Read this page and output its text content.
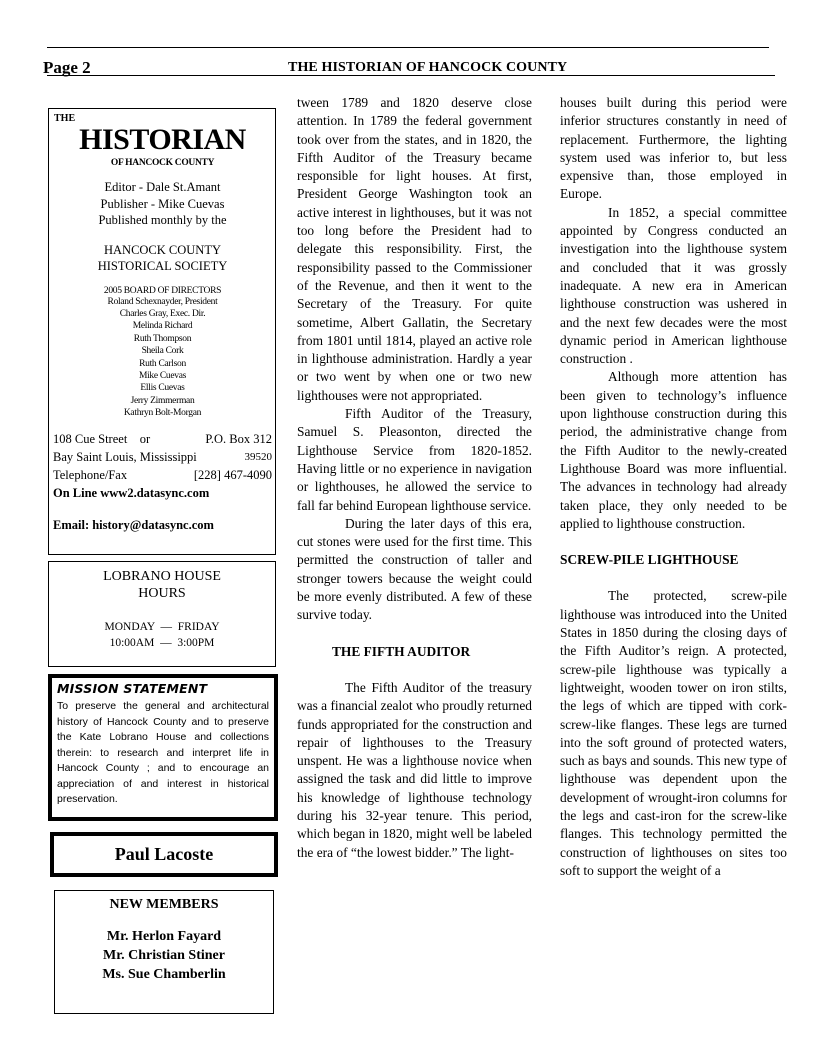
Page 2	THE HISTORIAN OF HANCOCK COUNTY
THE
HISTORIAN
OF HANCOCK COUNTY
Editor - Dale St.Amant
Publisher - Mike Cuevas
Published monthly by the
HANCOCK COUNTY
HISTORICAL SOCIETY
2005 BOARD OF DIRECTORS
Roland Schexnayder, President
Charles Gray, Exec. Dir.
Melinda Richard
Ruth Thompson
Sheila Cork
Ruth Carlson
Mike Cuevas
Ellis Cuevas
Jerry Zimmerman
Kathryn Bolt-Morgan
108 Cue Street    or	P.O. Box 312
Bay Saint Louis, Mississippi	39520
Telephone/Fax	[228] 467-4090
On Line www2.datasync.com
Email: history@datasync.com
LOBRANO HOUSE
HOURS
MONDAY  —  FRIDAY
10:00AM  —  3:00PM
MISSION STATEMENT
To preserve the general and architectural history of Hancock County and to preserve the Kate Lobrano House and collections therein: to research and interpret life in Hancock County ; and to encourage an appreciation of and interest in historical preservation.
Paul Lacoste
NEW MEMBERS
Mr. Herlon Fayard
Mr. Christian Stiner
Ms. Sue Chamberlin

tween 1789 and 1820 deserve close attention. In 1789 the federal government took over from the states, and in 1820, the Fifth Auditor of the Treasury became responsible for light houses. At first, President George Washington took an active interest in lighthouses, but it was not too long before the President had to delegate this responsibility. First, the responsibility passed to the Commissioner of the Revenue, and then it went to the Secretary of the Treasury. For quite sometime, Albert Gallatin, the Secretary from 1801 until 1814, played an active role in lighthouse administration. Hardly a year or two went by when one or two new lighthouses were not appropriated.

Fifth Auditor of the Treasury, Samuel S. Pleasonton, directed the Lighthouse Service from 1820-1852. Having little or no experience in navigation or lighthouses, he allowed the service to fall far behind European lighthouse service.

During the later days of this era, cut stones were used for the first time. This permitted the construction of taller and stronger towers because the weight could be more evenly distributed. A few of these survive today.

THE FIFTH AUDITOR

The Fifth Auditor of the treasury was a financial zealot who proudly returned funds appropriated for the construction and repair of lighthouses to the Treasury unspent. He was a lighthouse novice when assigned the task and did little to improve his knowledge of lighthouse technology during his 32-year tenure. This period, which began in 1820, might well be labeled the era of “the lowest bidder.” The light-

houses built during this period were inferior structures constantly in need of replacement. Furthermore, the lighting system used was inferior to, but less expensive than, those employed in Europe.

In 1852, a special committee appointed by Congress conducted an investigation into the lighthouse system and concluded that it was grossly inadequate. A new era in American lighthouse construction was ushered in and the next few decades were the most dynamic period in American lighthouse construction .

Although more attention has been given to technology’s influence upon lighthouse construction during this period, the administrative change from the Fifth Auditor to the newly-created Lighthouse Board was more influential. The advances in technology had already taken place, they only needed to be applied to lighthouse construction.

SCREW-PILE LIGHTHOUSE

The protected, screw-pile lighthouse was introduced into the United States in 1850 during the closing days of the Fifth Auditor’s reign. A protected, screw-pile lighthouse was typically a lightweight, wooden tower on iron stilts, the legs of which are tipped with cork-screw-like flanges. These legs are turned into the soft ground of protected waters, such as bays and sounds. This new type of lighthouse was dependent upon the development of wrought-iron columns for the legs and cast-iron for the screw-like flanges. This technology permitted the construction of lighthouses on sites too soft to support the weight of a
